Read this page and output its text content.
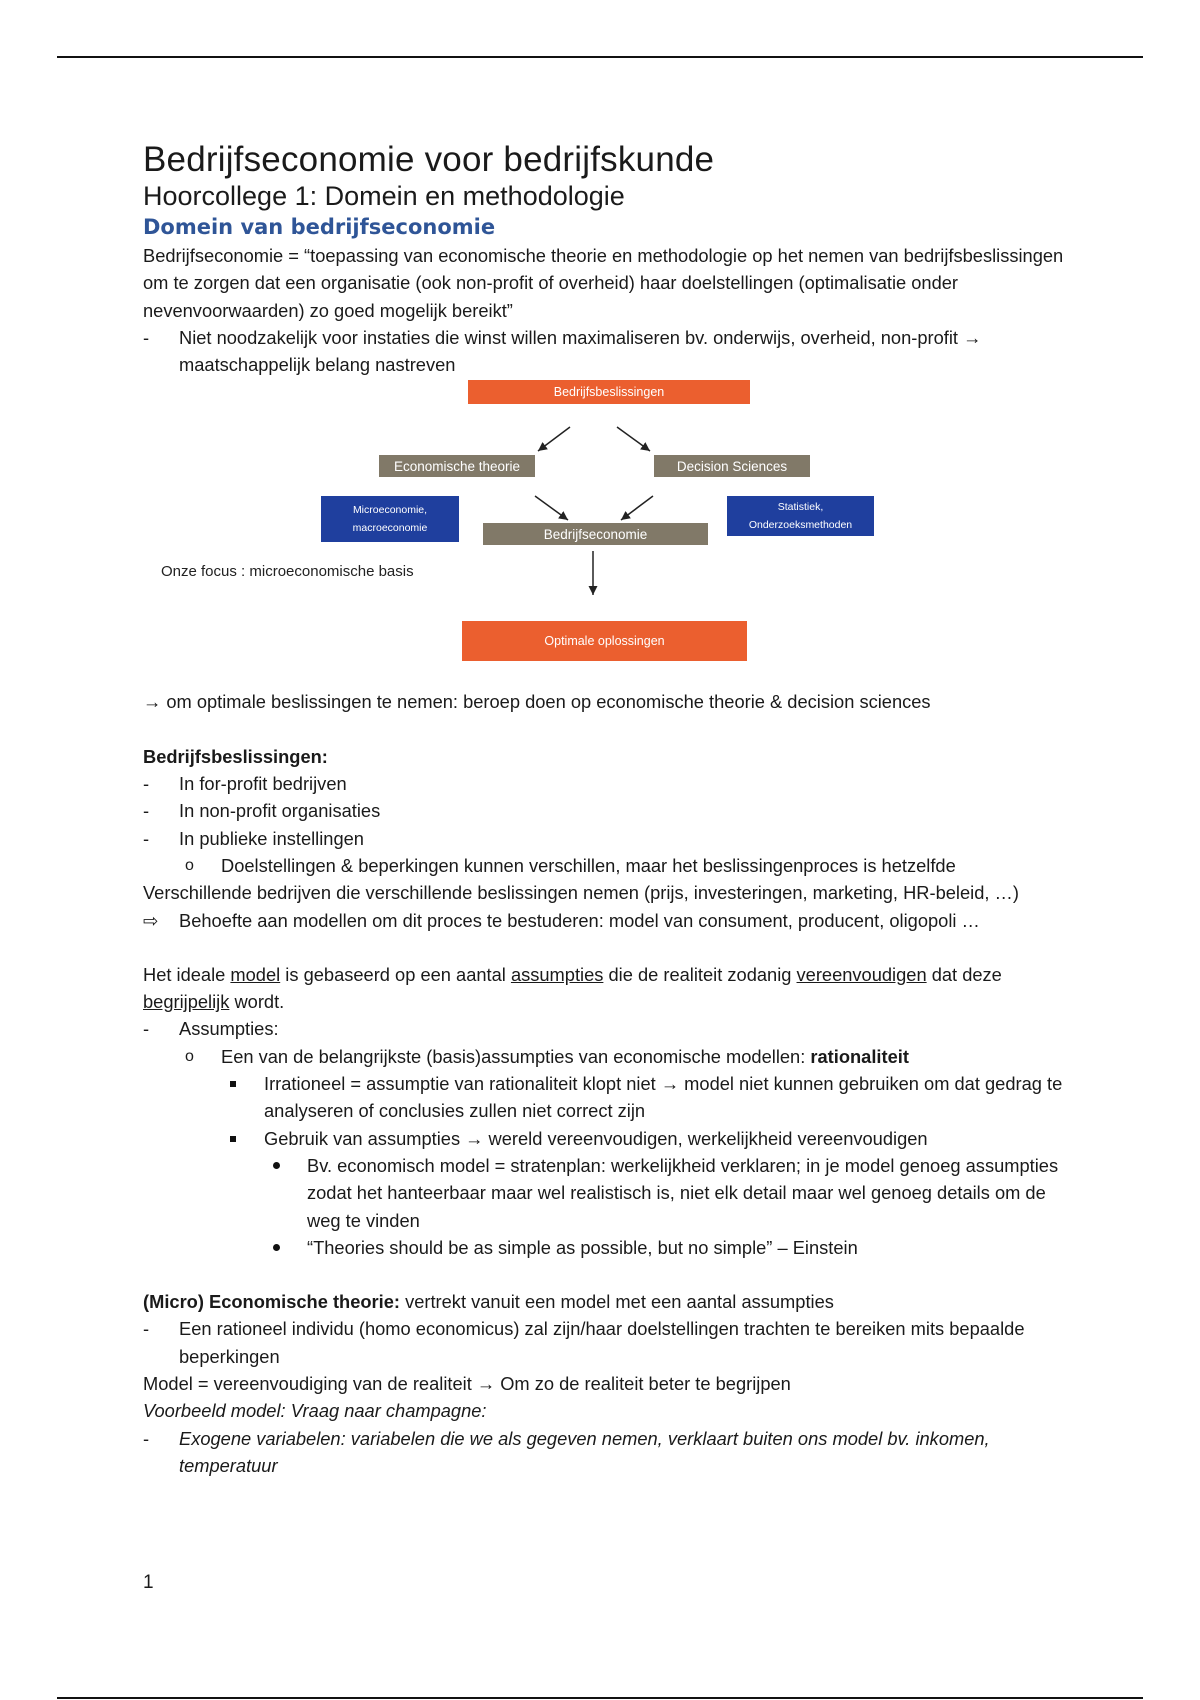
Bedrijfseconomie voor bedrijfskunde
Hoorcollege 1: Domein en methodologie
Domein van bedrijfseconomie

Bedrijfseconomie = “toepassing van economische theorie en methodologie op het nemen van bedrijfsbeslissingen om te zorgen dat een organisatie (ook non-profit of overheid) haar doelstellingen (optimalisatie onder nevenvoorwaarden) zo goed mogelijk bereikt”

-	Niet noodzakelijk voor instaties die winst willen maximaliseren bv. onderwijs, overheid, non-profit → maatschappelijk belang nastreven
Bedrijfsbeslissingen
Economische theorie	Decision Sciences
Microeconomie,
macroeconomie
Statistiek,
Onderzoeksmethoden
Bedrijfseconomie
Onze focus : microeconomische basis
Optimale oplossingen

→ om optimale beslissingen te nemen: beroep doen op economische theorie & decision sciences

Bedrijfsbeslissingen:

-	In for-profit bedrijven
-	In non-profit organisaties
-	In publieke instellingen
o	Doelstellingen & beperkingen kunnen verschillen, maar het beslissingenproces is hetzelfde

Verschillende bedrijven die verschillende beslissingen nemen (prijs, investeringen, marketing, HR-beleid, …)

⇨ Behoefte aan modellen om dit proces te bestuderen: model van consument, producent, oligopoli …

Het ideale model is gebaseerd op een aantal assumpties die de realiteit zodanig vereenvoudigen dat deze begrijpelijk wordt.

-	Assumpties:
o	Een van de belangrijkste (basis)assumpties van economische modellen: rationaliteit
Irrationeel = assumptie van rationaliteit klopt niet → model niet kunnen gebruiken om dat gedrag te analyseren of conclusies zullen niet correct zijn
Gebruik van assumpties → wereld vereenvoudigen, werkelijkheid vereenvoudigen
Bv. economisch model = stratenplan: werkelijkheid verklaren; in je model genoeg assumpties zodat het hanteerbaar maar wel realistisch is, niet elk detail maar wel genoeg details om de weg te vinden
“Theories should be as simple as possible, but no simple” – Einstein

(Micro) Economische theorie: vertrekt vanuit een model met een aantal assumpties

-	Een rationeel individu (homo economicus) zal zijn/haar doelstellingen trachten te bereiken mits bepaalde beperkingen

Model = vereenvoudiging van de realiteit → Om zo de realiteit beter te begrijpen

Voorbeeld model: Vraag naar champagne:

-	Exogene variabelen: variabelen die we als gegeven nemen, verklaart buiten ons model bv. inkomen, temperatuur
1
